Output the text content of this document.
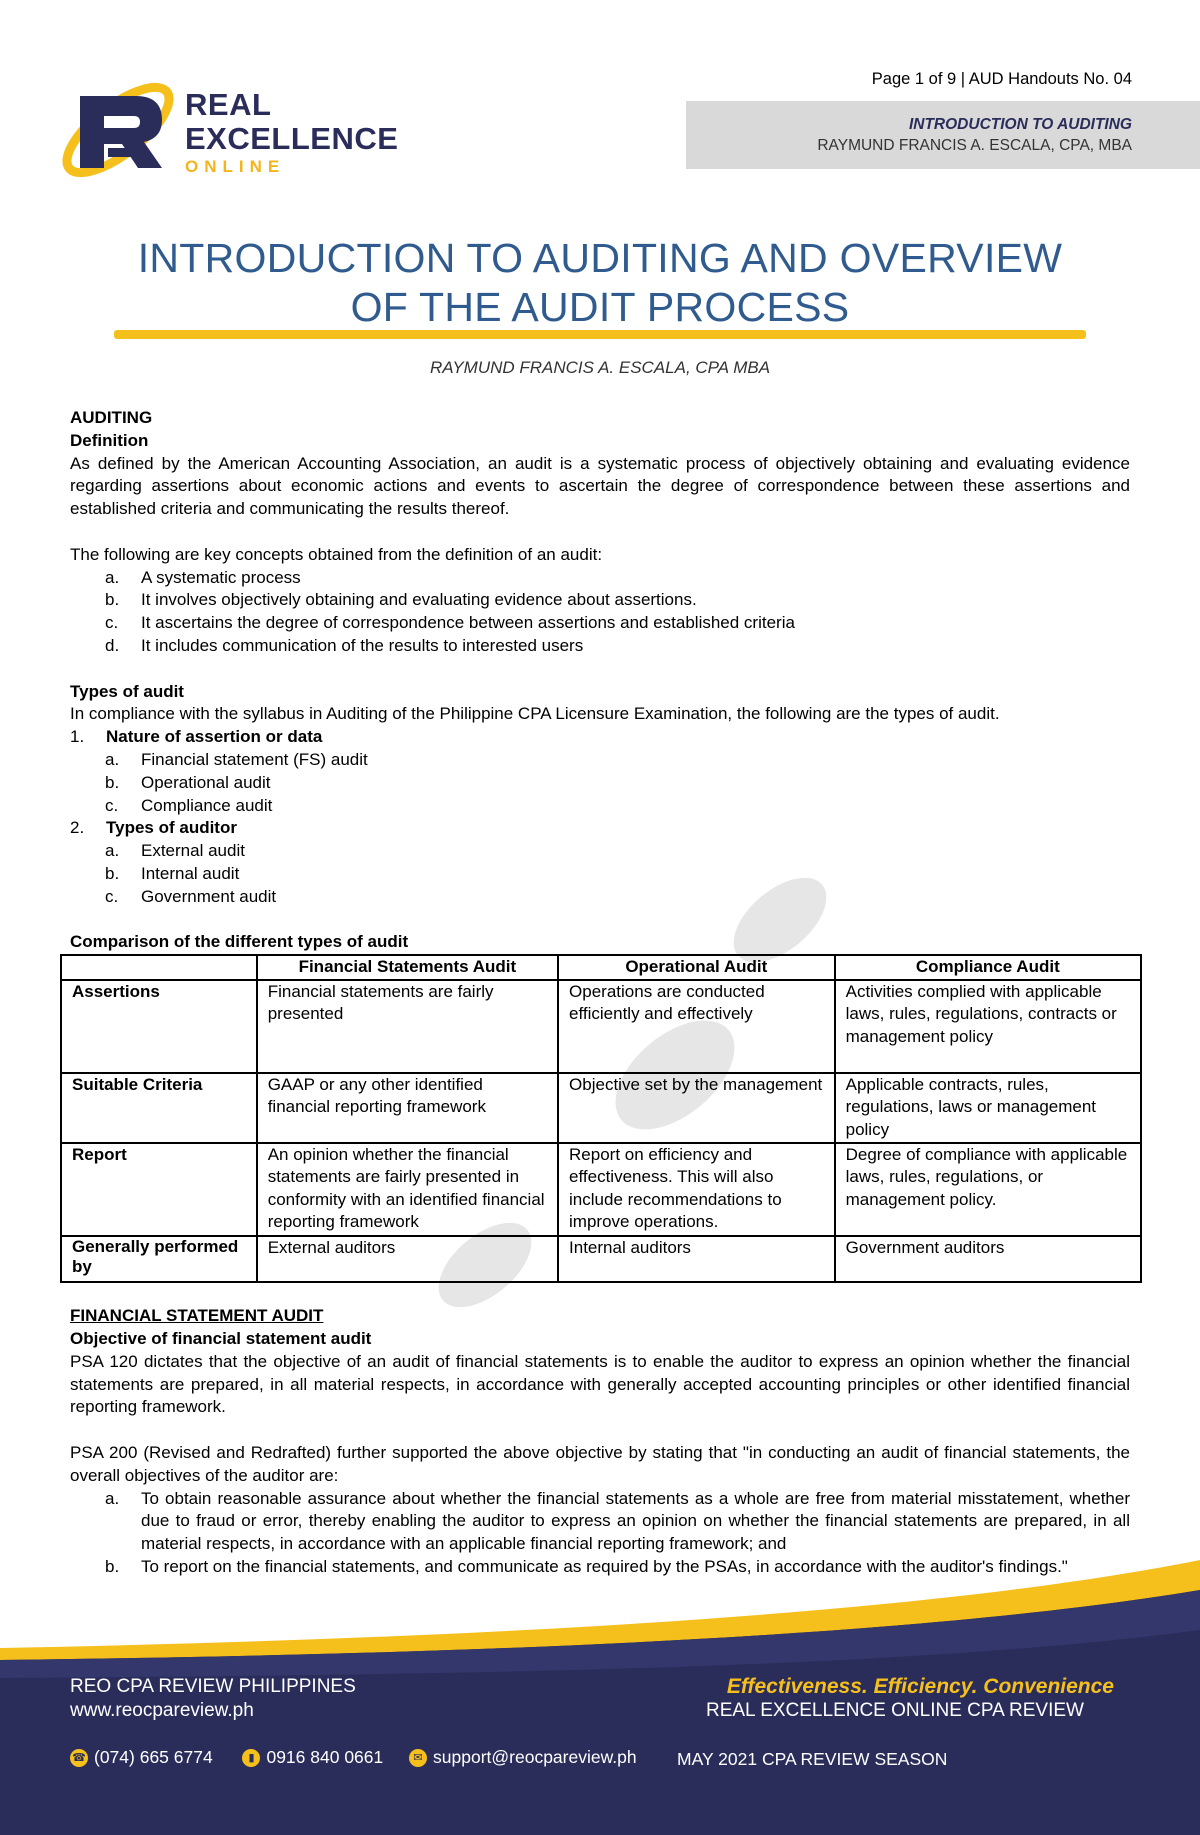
REAL
EXCELLENCE
ONLINE
Page 1 of 9 | AUD Handouts No. 04
INTRODUCTION TO AUDITING
RAYMUND FRANCIS A. ESCALA, CPA, MBA
INTRODUCTION TO AUDITING AND OVERVIEW
OF THE AUDIT PROCESS
RAYMUND FRANCIS A. ESCALA, CPA MBA

AUDITING

Definition

As defined by the American Accounting Association, an audit is a systematic process of objectively obtaining and evaluating evidence regarding assertions about economic actions and events to ascertain the degree of correspondence between these assertions and established criteria and communicating the results thereof.

The following are key concepts obtained from the definition of an audit:

a.	A systematic process
b.	It involves objectively obtaining and evaluating evidence about assertions.
c.	It ascertains the degree of correspondence between assertions and established criteria
d.	It includes communication of the results to interested users

Types of audit

In compliance with the syllabus in Auditing of the Philippine CPA Licensure Examination, the following are the types of audit.

1.	Nature of assertion or data
a.	Financial statement (FS) audit
b.	Operational audit
c.	Compliance audit
2.	Types of auditor
a.	External audit
b.	Internal audit
c.	Government audit

Comparison of the different types of audit

	Financial Statements Audit	Operational Audit	Compliance Audit
Assertions	Financial statements are fairly presented	Operations are conducted efficiently and effectively	Activities complied with applicable laws, rules, regulations, contracts or management policy
Suitable Criteria	GAAP or any other identified financial reporting framework	Objective set by the management	Applicable contracts, rules, regulations, laws or management policy
Report	An opinion whether the financial statements are fairly presented in conformity with an identified financial reporting framework	Report on efficiency and effectiveness. This will also include recommendations to improve operations.	Degree of compliance with applicable laws, rules, regulations, or management policy.
Generally performed by	External auditors	Internal auditors	Government auditors

FINANCIAL STATEMENT AUDIT

Objective of financial statement audit

PSA 120 dictates that the objective of an audit of financial statements is to enable the auditor to express an opinion whether the financial statements are prepared, in all material respects, in accordance with generally accepted accounting principles or other identified financial reporting framework.

PSA 200 (Revised and Redrafted) further supported the above objective by stating that "in conducting an audit of financial statements, the overall objectives of the auditor are:

a.	To obtain reasonable assurance about whether the financial statements as a whole are free from material misstatement, whether due to fraud or error, thereby enabling the auditor to express an opinion on whether the financial statements are prepared, in all material respects, in accordance with an applicable financial reporting framework; and
b.	To report on the financial statements, and communicate as required by the PSAs, in accordance with the auditor's findings."
REO CPA REVIEW PHILIPPINES
www.reocpareview.ph
Effectiveness. Efficiency. Convenience
REAL EXCELLENCE ONLINE CPA REVIEW
☎ (074) 665 6774	▮ 0916 840 0661	✉ support@reocpareview.ph MAY 2021 CPA REVIEW SEASON
